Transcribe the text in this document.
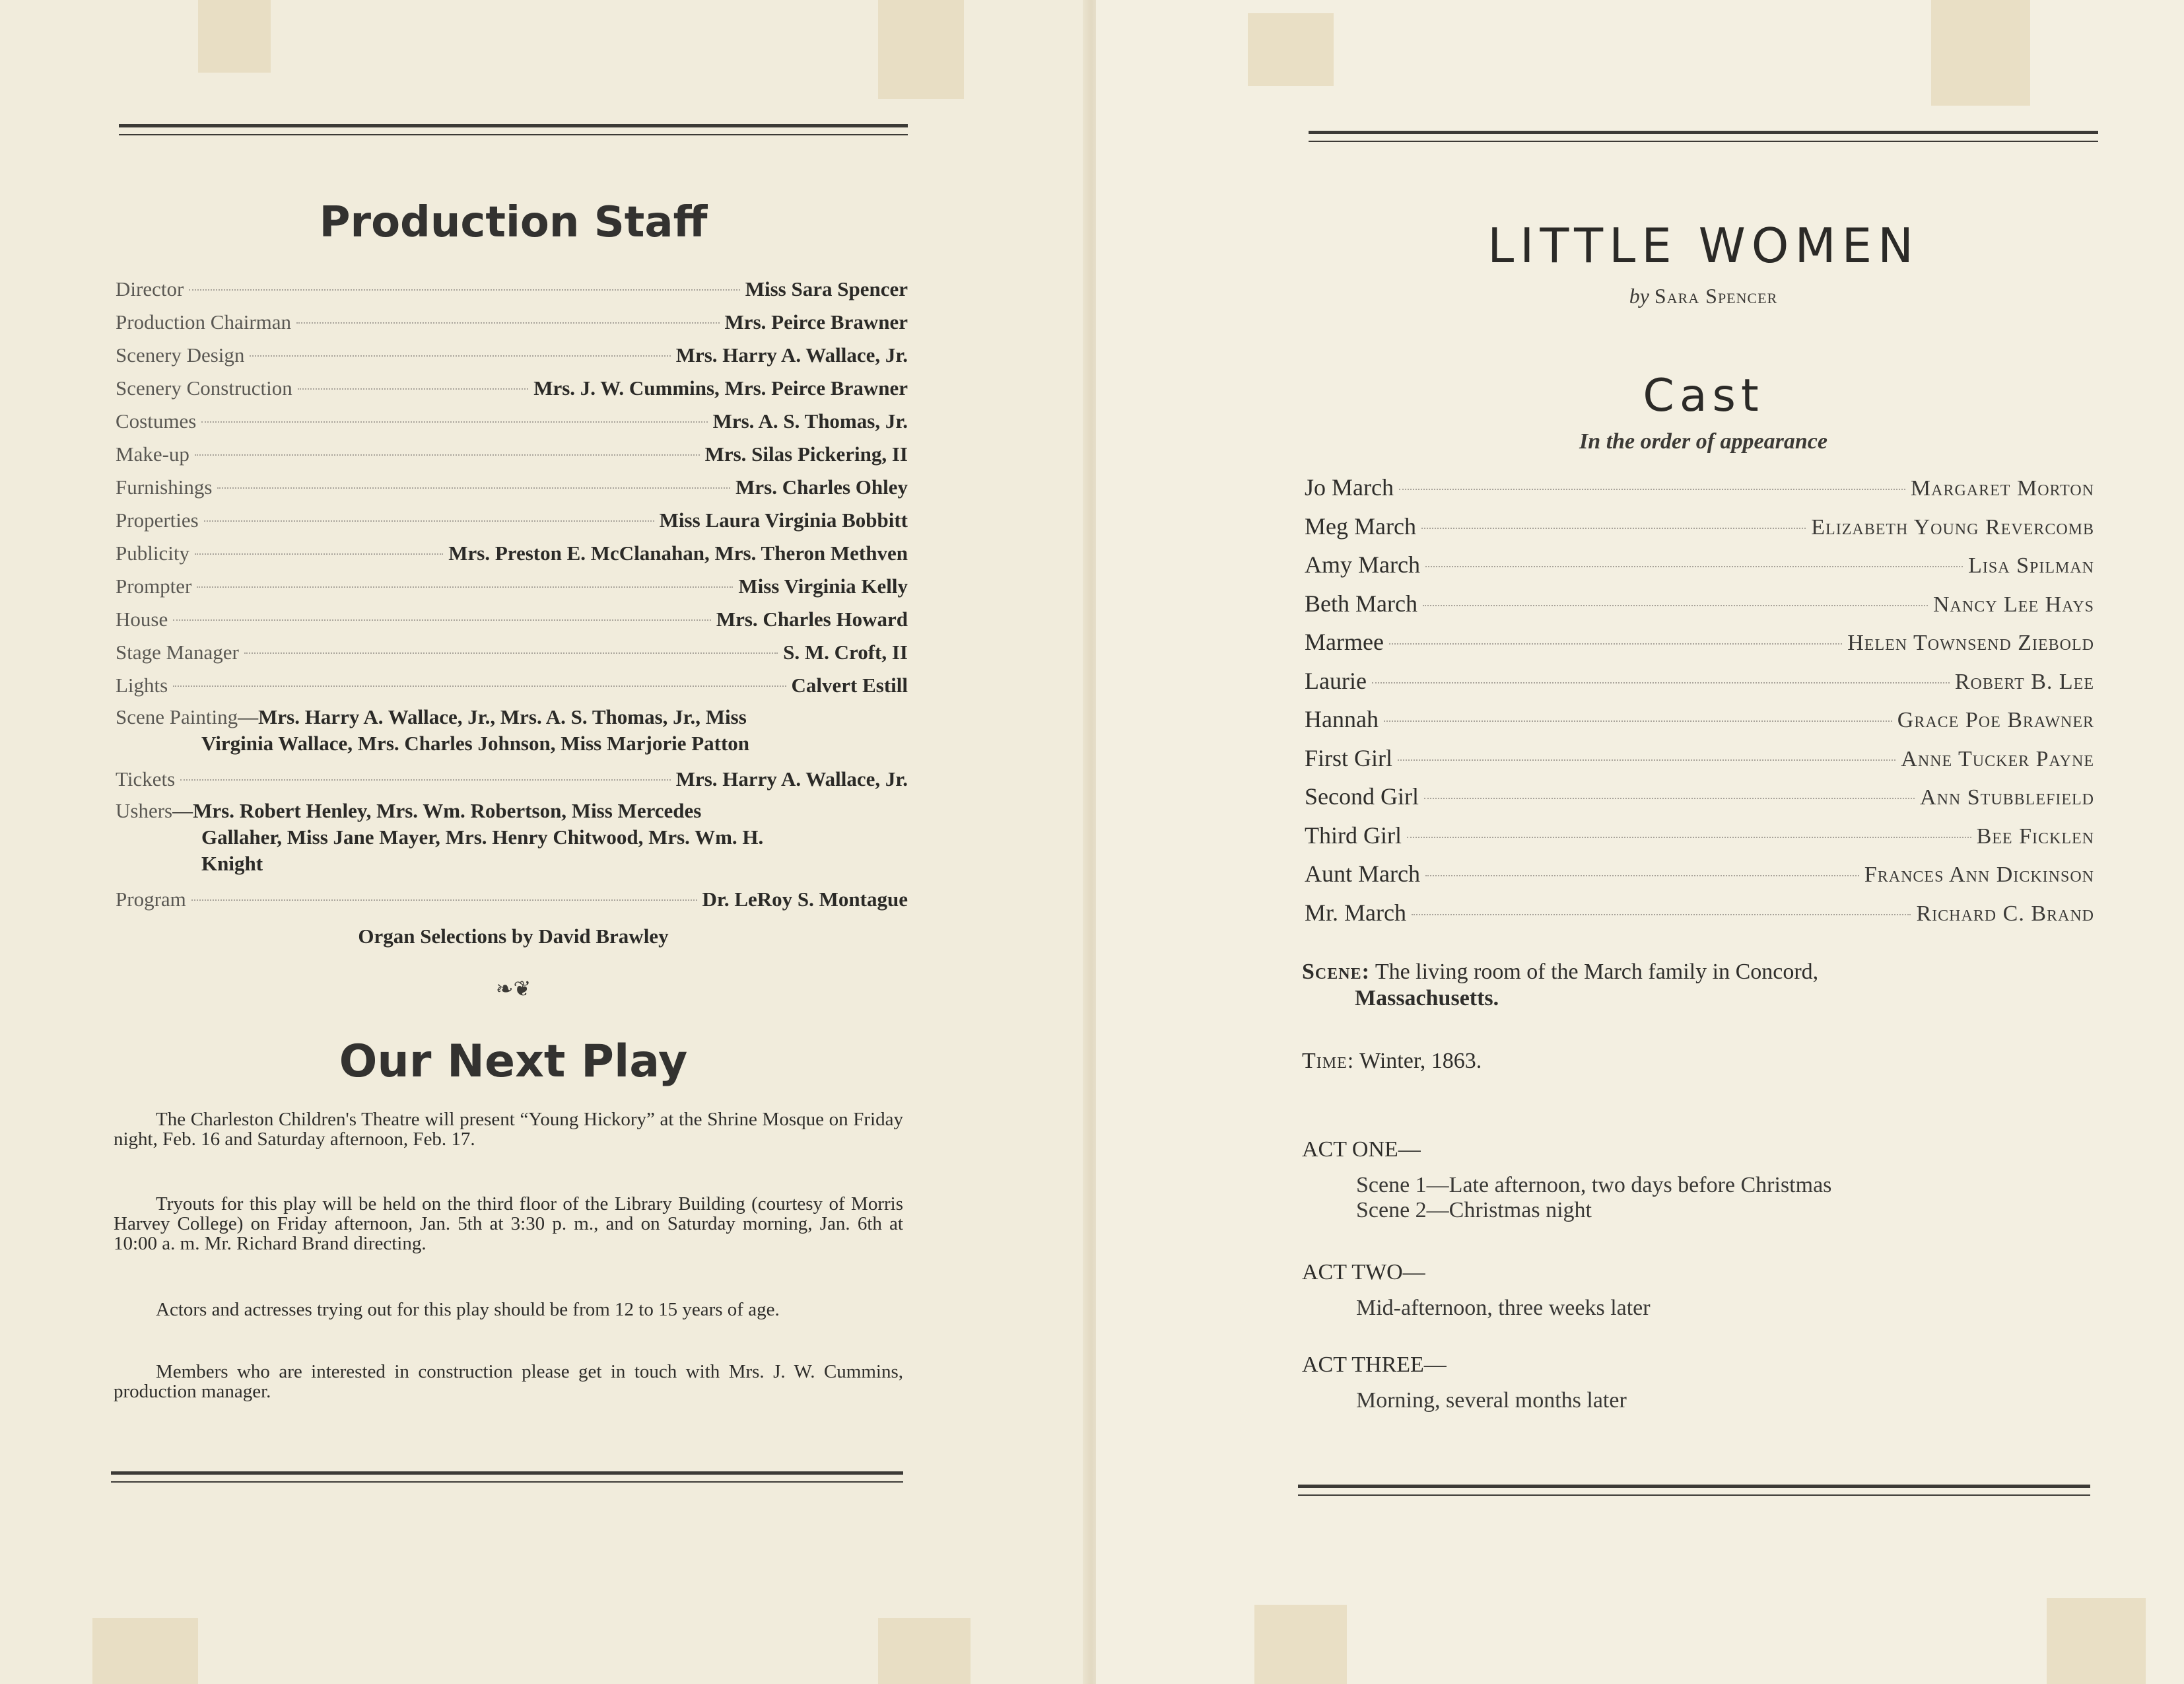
Production Staff
Director	Miss Sara Spencer
Production Chairman	Mrs. Peirce Brawner
Scenery Design	Mrs. Harry A. Wallace, Jr.
Scenery Construction	Mrs. J. W. Cummins, Mrs. Peirce Brawner
Costumes	Mrs. A. S. Thomas, Jr.
Make-up	Mrs. Silas Pickering, II
Furnishings	Mrs. Charles Ohley
Properties	Miss Laura Virginia Bobbitt
Publicity	Mrs. Preston E. McClanahan, Mrs. Theron Methven
Prompter	Miss Virginia Kelly
House	Mrs. Charles Howard
Stage Manager	S. M. Croft, II
Lights	Calvert Estill
Scene Painting—Mrs. Harry A. Wallace, Jr., Mrs. A. S. Thomas, Jr., Miss
Virginia Wallace, Mrs. Charles Johnson, Miss Marjorie Patton
Tickets	Mrs. Harry A. Wallace, Jr.
Ushers—Mrs. Robert Henley, Mrs. Wm. Robertson, Miss Mercedes
Gallaher, Miss Jane Mayer, Mrs. Henry Chitwood, Mrs. Wm. H.
Knight
Program	Dr. LeRoy S. Montague
Organ Selections by David Brawley
❧❦
Our Next Play
The Charleston Children's Theatre will present “Young Hickory” at the Shrine Mosque on Friday night, Feb. 16 and Saturday afternoon, Feb. 17.
Tryouts for this play will be held on the third floor of the Library Building (courtesy of Morris Harvey College) on Friday afternoon, Jan. 5th at 3:30 p. m., and on Saturday morning, Jan. 6th at 10:00 a. m. Mr. Richard Brand directing.
Actors and actresses trying out for this play should be from 12 to 15 years of age.
Members who are interested in construction please get in touch with Mrs. J. W. Cummins, production manager.
LITTLE WOMEN
by Sara Spencer
Cast
In the order of appearance
Jo March	Margaret Morton
Meg March	Elizabeth Young Revercomb
Amy March	Lisa Spilman
Beth March	Nancy Lee Hays
Marmee	Helen Townsend Ziebold
Laurie	Robert B. Lee
Hannah	Grace Poe Brawner
First Girl	Anne Tucker Payne
Second Girl	Ann Stubblefield
Third Girl	Bee Ficklen
Aunt March	Frances Ann Dickinson
Mr. March	Richard C. Brand
Scene: The living room of the March family in Concord,
Massachusetts.
Time: Winter, 1863.
ACT ONE—
Scene 1—Late afternoon, two days before Christmas
Scene 2—Christmas night
ACT TWO—
Mid-afternoon, three weeks later
ACT THREE—
Morning, several months later
